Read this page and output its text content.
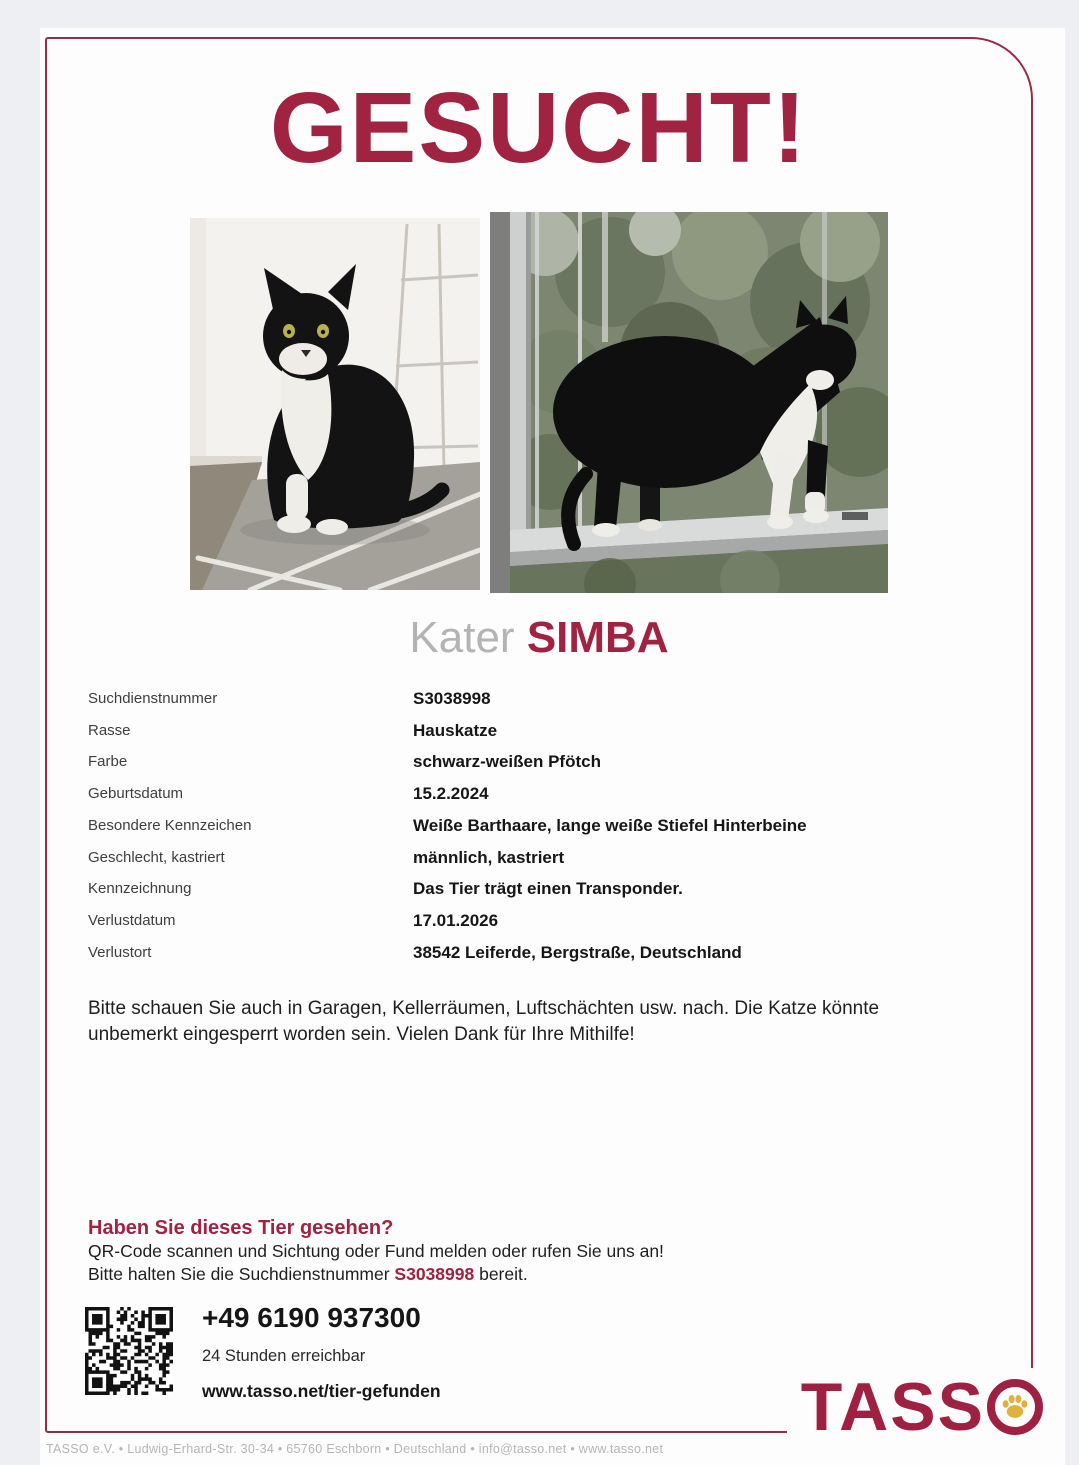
GESUCHT!
Kater SIMBA
Suchdienstnummer	S3038998
Rasse	Hauskatze
Farbe	schwarz-weißen Pfötch
Geburtsdatum	15.2.2024
Besondere Kennzeichen	Weiße Barthaare, lange weiße Stiefel Hinterbeine
Geschlecht, kastriert	männlich, kastriert
Kennzeichnung	Das Tier trägt einen Transponder.
Verlustdatum	17.01.2026
Verlustort	38542 Leiferde, Bergstraße, Deutschland
Bitte schauen Sie auch in Garagen, Kellerräumen, Luftschächten usw. nach. Die Katze könnte unbemerkt eingesperrt worden sein. Vielen Dank für Ihre Mithilfe!
Haben Sie dieses Tier gesehen?
QR-Code scannen und Sichtung oder Fund melden oder rufen Sie uns an!
Bitte halten Sie die Suchdienstnummer S3038998 bereit.
+49 6190 937300
24 Stunden erreichbar
www.tasso.net/tier-gefunden	TASS
TASSO e.V. • Ludwig-Erhard-Str. 30-34 • 65760 Eschborn • Deutschland • info@tasso.net • www.tasso.net
